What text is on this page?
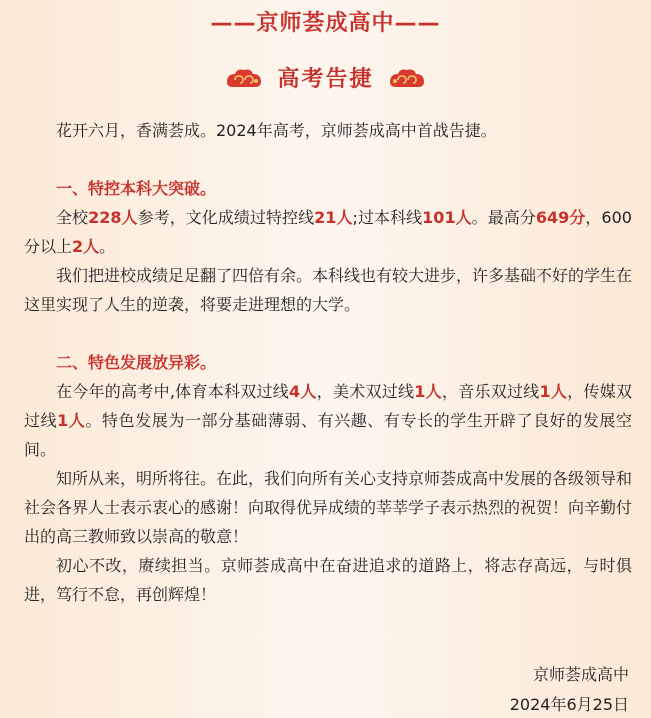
——京师荟成高中——
高考告捷

花开六月，香满荟成。2024年高考，京师荟成高中首战告捷。

一、特控本科大突破。

全校228人参考，文化成绩过特控线21人;过本科线101人。最高分649分，600分以上2人。

我们把进校成绩足足翻了四倍有余。本科线也有较大进步，许多基础不好的学生在这里实现了人生的逆袭，将要走进理想的大学。

二、特色发展放异彩。

在今年的高考中,体育本科双过线4人，美术双过线1人，音乐双过线1人，传媒双过线1人。特色发展为一部分基础薄弱、有兴趣、有专长的学生开辟了良好的发展空间。

知所从来，明所将往。在此，我们向所有关心支持京师荟成高中发展的各级领导和社会各界人士表示衷心的感谢！向取得优异成绩的莘莘学子表示热烈的祝贺！向辛勤付出的高三教师致以崇高的敬意！

初心不改，赓续担当。京师荟成高中在奋进追求的道路上，将志存高远，与时俱进，笃行不怠，再创辉煌！

京师荟成高中
2024年6月25日
